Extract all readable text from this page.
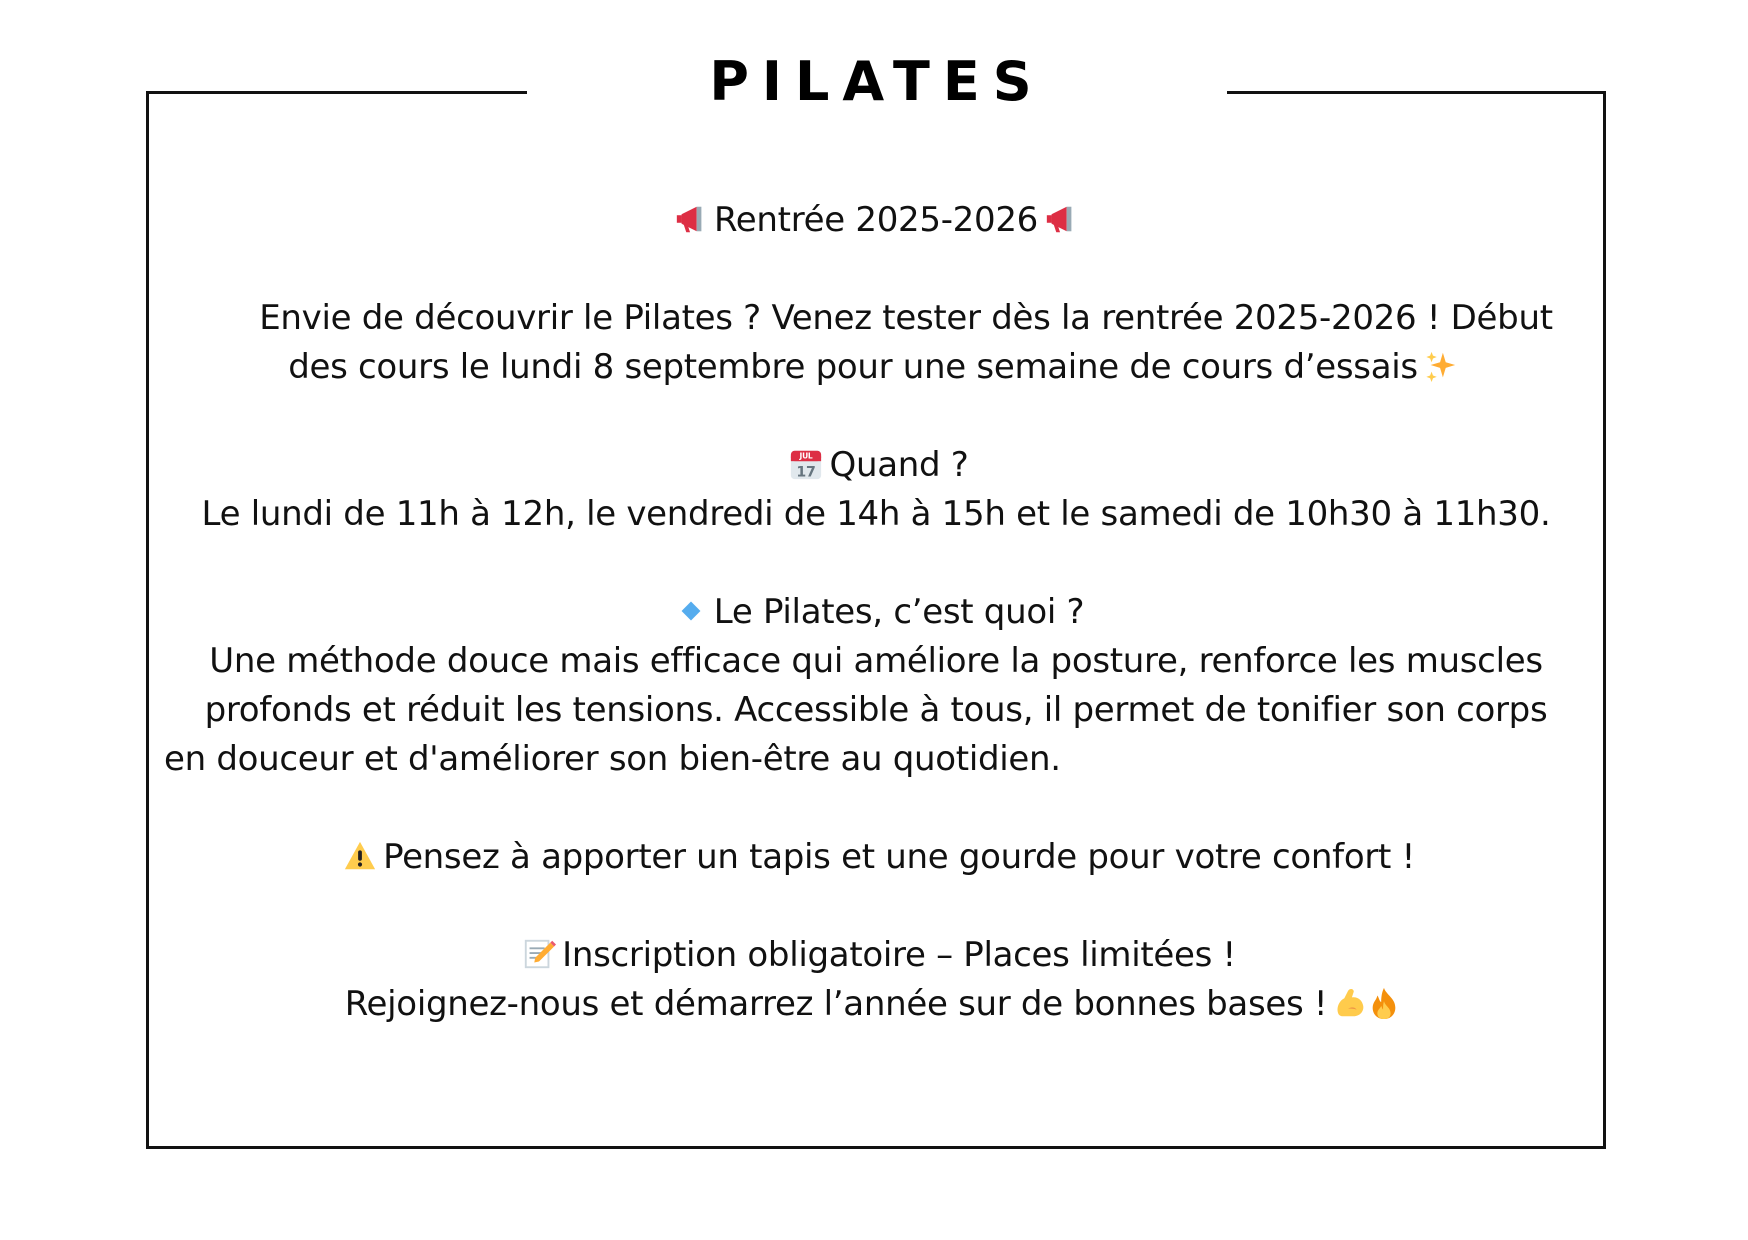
PILATES
Rentrée 2025-2026
Envie de découvrir le Pilates ? Venez tester dès la rentrée 2025-2026 ! Début
des cours le lundi 8 septembre pour une semaine de cours d’essais
JUL
17 Quand ?
Le lundi de 11h à 12h, le vendredi de 14h à 15h et le samedi de 10h30 à 11h30.
Le Pilates, c’est quoi ?
Une méthode douce mais efficace qui améliore la posture, renforce les muscles
profonds et réduit les tensions. Accessible à tous, il permet de tonifier son corps
en douceur et d'améliorer son bien-être au quotidien.
Pensez à apporter un tapis et une gourde pour votre confort !
Inscription obligatoire – Places limitées !
Rejoignez-nous et démarrez l’année sur de bonnes bases !
